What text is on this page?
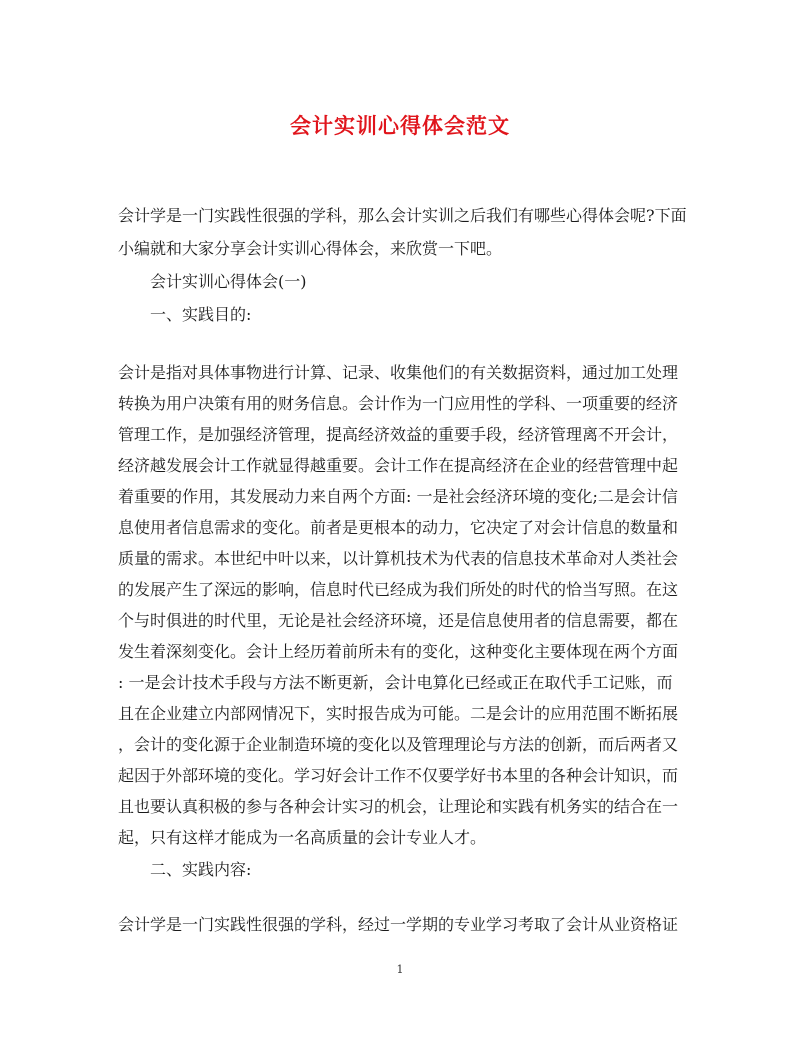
会计实训心得体会范文
会计学是一门实践性很强的学科，那么会计实训之后我们有哪些心得体会呢?下面
小编就和大家分享会计实训心得体会，来欣赏一下吧。
会计实训心得体会(一)
一、实践目的:
会计是指对具体事物进行计算、记录、收集他们的有关数据资料，通过加工处理
转换为用户决策有用的财务信息。会计作为一门应用性的学科、一项重要的经济
管理工作，是加强经济管理，提高经济效益的重要手段，经济管理离不开会计，
经济越发展会计工作就显得越重要。会计工作在提高经济在企业的经营管理中起
着重要的作用，其发展动力来自两个方面: 一是社会经济环境的变化;二是会计信
息使用者信息需求的变化。前者是更根本的动力，它决定了对会计信息的数量和
质量的需求。本世纪中叶以来，以计算机技术为代表的信息技术革命对人类社会
的发展产生了深远的影响，信息时代已经成为我们所处的时代的恰当写照。在这
个与时俱进的时代里，无论是社会经济环境，还是信息使用者的信息需要，都在
发生着深刻变化。会计上经历着前所未有的变化，这种变化主要体现在两个方面
: 一是会计技术手段与方法不断更新，会计电算化已经或正在取代手工记账，而
且在企业建立内部网情况下，实时报告成为可能。二是会计的应用范围不断拓展
，会计的变化源于企业制造环境的变化以及管理理论与方法的创新，而后两者又
起因于外部环境的变化。学习好会计工作不仅要学好书本里的各种会计知识，而
且也要认真积极的参与各种会计实习的机会，让理论和实践有机务实的结合在一
起，只有这样才能成为一名高质量的会计专业人才。
二、实践内容:
会计学是一门实践性很强的学科，经过一学期的专业学习考取了会计从业资格证
1
